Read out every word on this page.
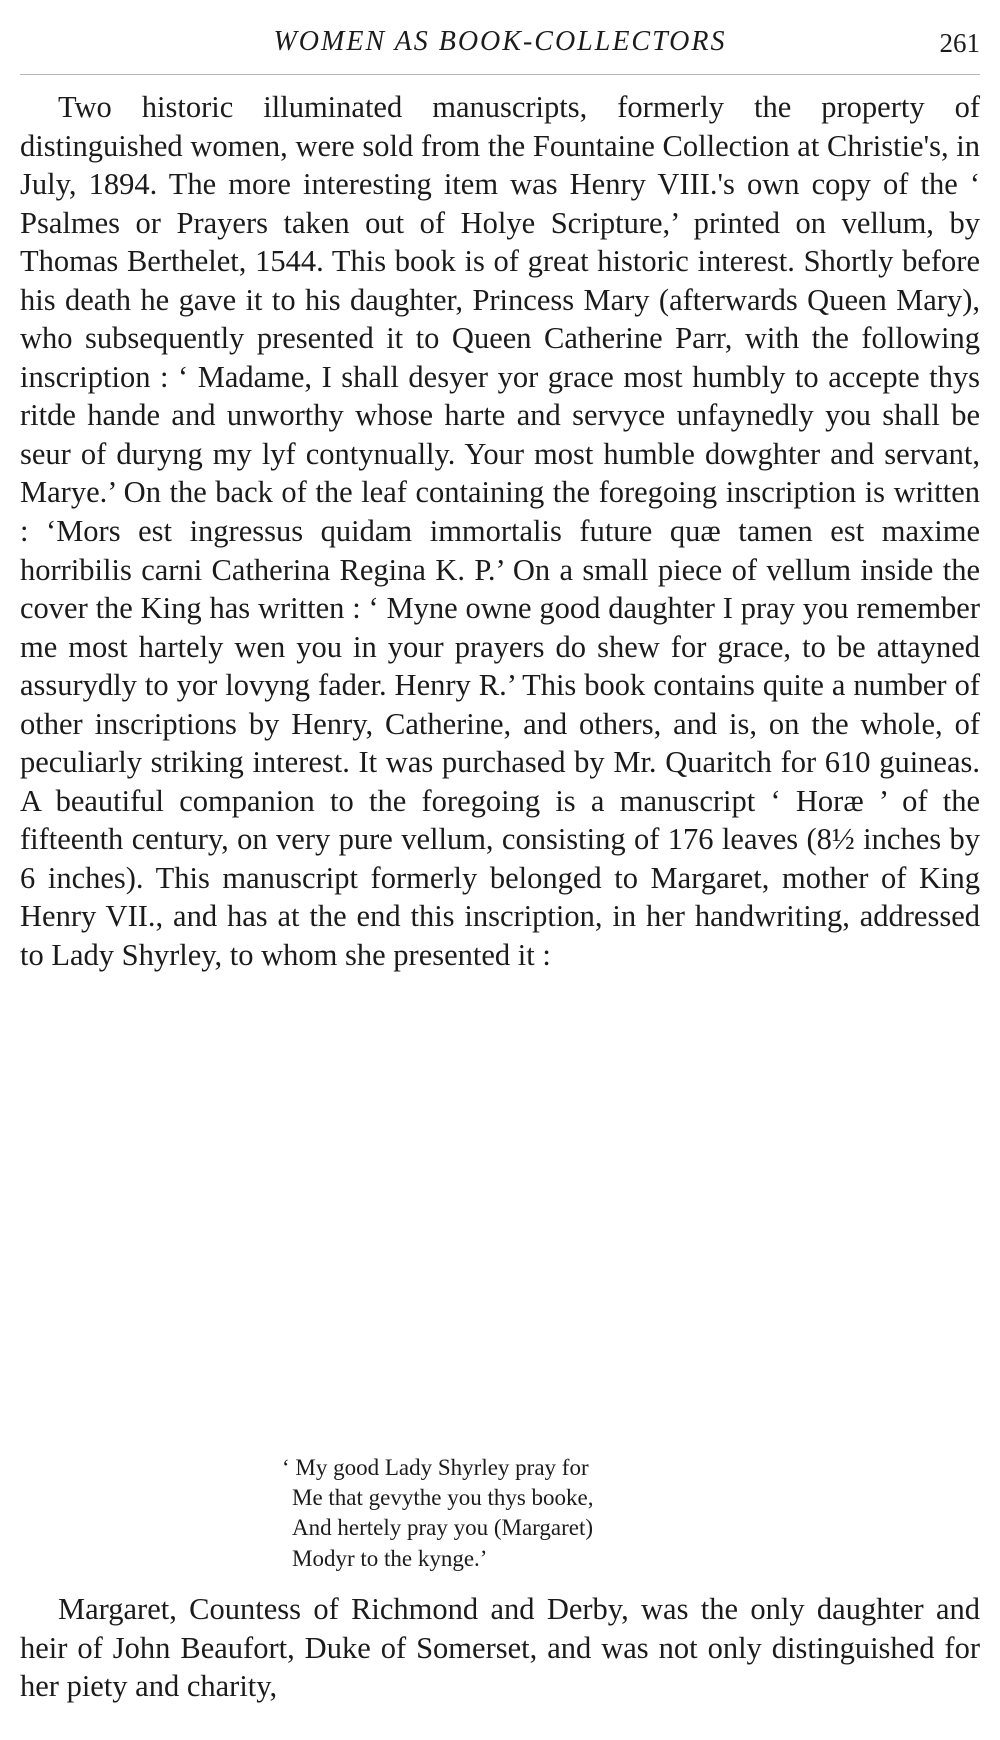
WOMEN AS BOOK-COLLECTORS	261

Two historic illuminated manuscripts, formerly the property of distinguished women, were sold from the Fountaine Collection at Christie's, in July, 1894. The more interesting item was Henry VIII.'s own copy of the ‘ Psalmes or Prayers taken out of Holye Scripture,’ printed on vellum, by Thomas Berthelet, 1544. This book is of great historic interest. Shortly before his death he gave it to his daughter, Princess Mary (afterwards Queen Mary), who subsequently presented it to Queen Catherine Parr, with the following inscription : ‘ Madame, I shall desyer yor grace most humbly to accepte thys ritde hande and unworthy whose harte and servyce unfaynedly you shall be seur of duryng my lyf contynually. Your most humble dowghter and servant, Marye.’ On the back of the leaf containing the foregoing inscription is written : ‘Mors est ingressus quidam immortalis future quæ tamen est maxime horribilis carni Catherina Regina K. P.’ On a small piece of vellum inside the cover the King has written : ‘ Myne owne good daughter I pray you remember me most hartely wen you in your prayers do shew for grace, to be attayned assurydly to yor lovyng fader. Henry R.’ This book contains quite a number of other inscriptions by Henry, Catherine, and others, and is, on the whole, of peculiarly striking interest. It was purchased by Mr. Quaritch for 610 guineas. A beautiful companion to the foregoing is a manuscript ‘ Horæ ’ of the fifteenth century, on very pure vellum, consisting of 176 leaves (8½ inches by 6 inches). This manuscript formerly belonged to Margaret, mother of King Henry VII., and has at the end this inscription, in her handwriting, addressed to Lady Shyrley, to whom she presented it :

‘ My good Lady Shyrley pray for
Me that gevythe you thys booke,
And hertely pray you (Margaret)
Modyr to the kynge.’

Margaret, Countess of Richmond and Derby, was the only daughter and heir of John Beaufort, Duke of Somerset, and was not only distinguished for her piety and charity,
